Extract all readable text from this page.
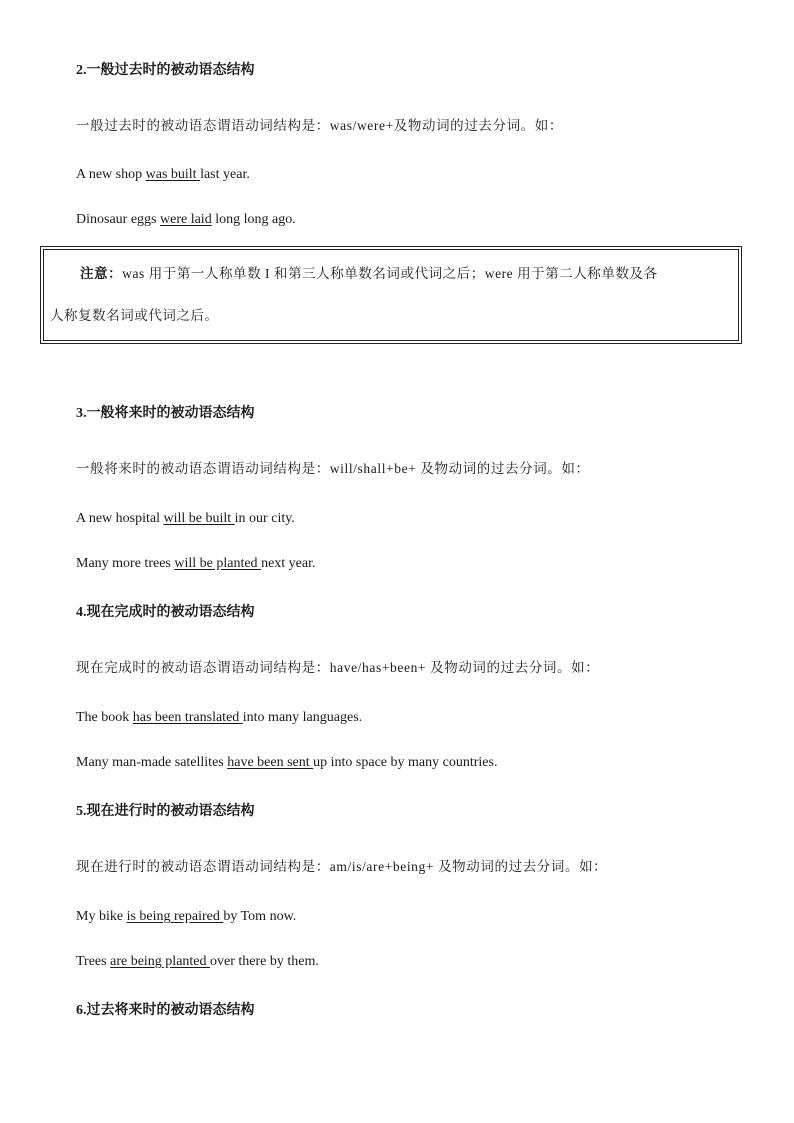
2.一般过去时的被动语态结构
一般过去时的被动语态谓语动词结构是：was/were+及物动词的过去分词。如：
A new shop was built last year.
Dinosaur eggs were laid long long ago.
注意：was 用于第一人称单数 I 和第三人称单数名词或代词之后；were 用于第二人称单数及各
人称复数名词或代词之后。
3.一般将来时的被动语态结构
一般将来时的被动语态谓语动词结构是：will/shall+be+ 及物动词的过去分词。如：
A new hospital will be built in our city.
Many more trees will be planted next year.
4.现在完成时的被动语态结构
现在完成时的被动语态谓语动词结构是：have/has+been+ 及物动词的过去分词。如：
The book has been translated into many languages.
Many man-made satellites have been sent up into space by many countries.
5.现在进行时的被动语态结构
现在进行时的被动语态谓语动词结构是：am/is/are+being+ 及物动词的过去分词。如：
My bike is being repaired by Tom now.
Trees are being planted over there by them.
6.过去将来时的被动语态结构
